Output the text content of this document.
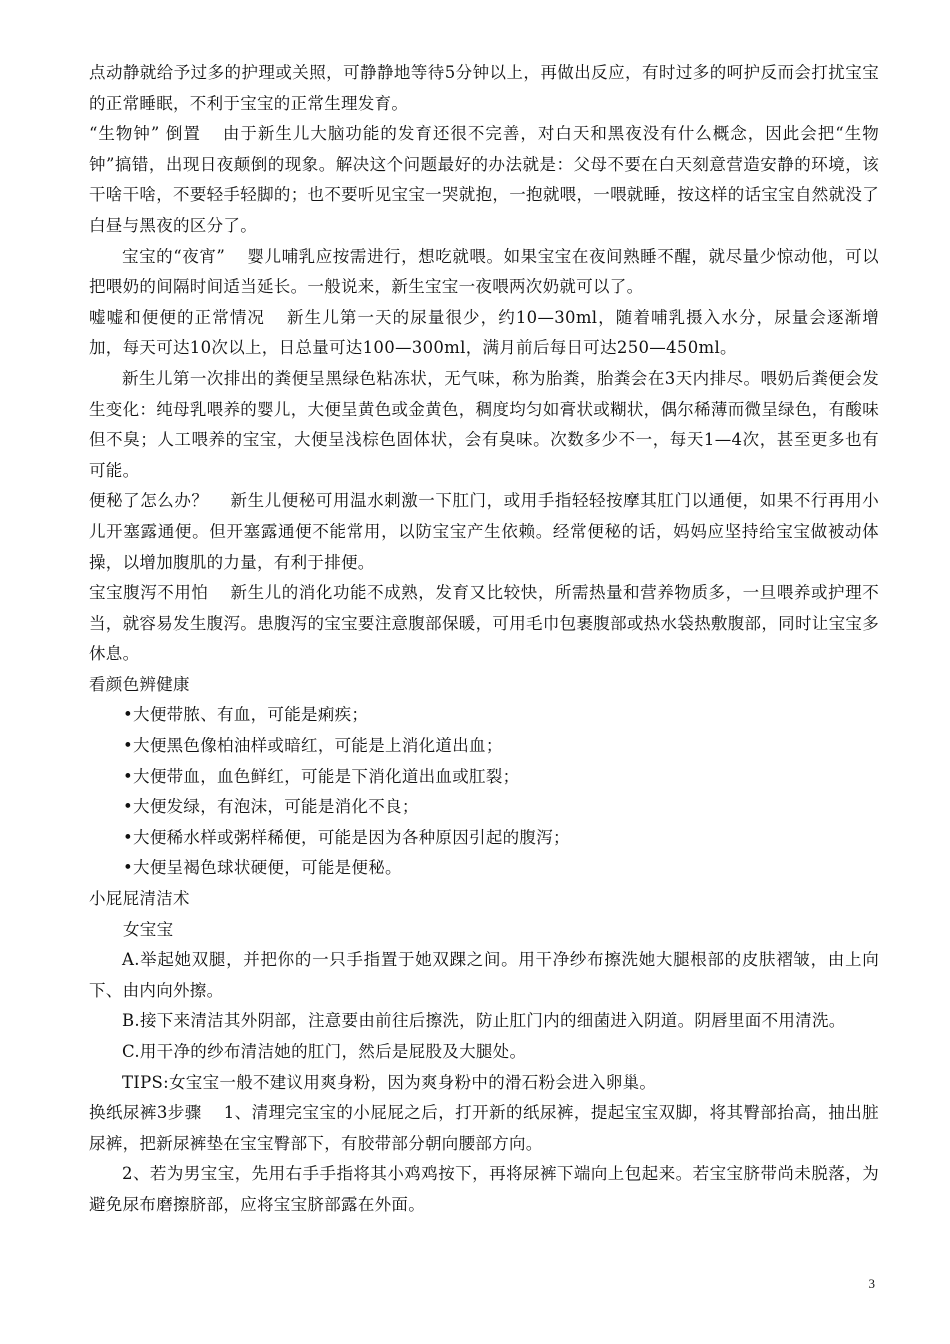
点动静就给予过多的护理或关照，可静静地等待5分钟以上，再做出反应，有时过多的呵护反而会打扰宝宝的正常睡眠，不利于宝宝的正常生理发育。

“生物钟” 倒置 由于新生儿大脑功能的发育还很不完善，对白天和黑夜没有什么概念，因此会把“生物钟”搞错，出现日夜颠倒的现象。解决这个问题最好的办法就是：父母不要在白天刻意营造安静的环境，该干啥干啥，不要轻手轻脚的；也不要听见宝宝一哭就抱，一抱就喂，一喂就睡，按这样的话宝宝自然就没了白昼与黑夜的区分了。

宝宝的“夜宵” 婴儿哺乳应按需进行，想吃就喂。如果宝宝在夜间熟睡不醒，就尽量少惊动他，可以把喂奶的间隔时间适当延长。一般说来，新生宝宝一夜喂两次奶就可以了。

嘘嘘和便便的正常情况 新生儿第一天的尿量很少，约10—30ml，随着哺乳摄入水分，尿量会逐渐增加，每天可达10次以上，日总量可达100—300ml，满月前后每日可达250—450ml。

新生儿第一次排出的粪便呈黑绿色粘冻状，无气味，称为胎粪，胎粪会在3天内排尽。喂奶后粪便会发生变化：纯母乳喂养的婴儿，大便呈黄色或金黄色，稠度均匀如膏状或糊状，偶尔稀薄而微呈绿色，有酸味但不臭；人工喂养的宝宝，大便呈浅棕色固体状，会有臭味。次数多少不一，每天1—4次，甚至更多也有可能。

便秘了怎么办？ 新生儿便秘可用温水刺激一下肛门，或用手指轻轻按摩其肛门以通便，如果不行再用小儿开塞露通便。但开塞露通便不能常用，以防宝宝产生依赖。经常便秘的话，妈妈应坚持给宝宝做被动体操，以增加腹肌的力量，有利于排便。

宝宝腹泻不用怕 新生儿的消化功能不成熟，发育又比较快，所需热量和营养物质多，一旦喂养或护理不当，就容易发生腹泻。患腹泻的宝宝要注意腹部保暖，可用毛巾包裹腹部或热水袋热敷腹部，同时让宝宝多休息。

看颜色辨健康

•大便带脓、有血，可能是痢疾；

•大便黑色像柏油样或暗红，可能是上消化道出血；

•大便带血，血色鲜红，可能是下消化道出血或肛裂；

•大便发绿，有泡沫，可能是消化不良；

•大便稀水样或粥样稀便，可能是因为各种原因引起的腹泻；

•大便呈褐色球状硬便，可能是便秘。

小屁屁清洁术

女宝宝

A.举起她双腿，并把你的一只手指置于她双踝之间。用干净纱布擦洗她大腿根部的皮肤褶皱，由上向下、由内向外擦。

B.接下来清洁其外阴部，注意要由前往后擦洗，防止肛门内的细菌进入阴道。阴唇里面不用清洗。

C.用干净的纱布清洁她的肛门，然后是屁股及大腿处。

TIPS:女宝宝一般不建议用爽身粉，因为爽身粉中的滑石粉会进入卵巢。

换纸尿裤3步骤 1、清理完宝宝的小屁屁之后，打开新的纸尿裤，提起宝宝双脚，将其臀部抬高，抽出脏尿裤，把新尿裤垫在宝宝臀部下，有胶带部分朝向腰部方向。

2、若为男宝宝，先用右手手指将其小鸡鸡按下，再将尿裤下端向上包起来。若宝宝脐带尚未脱落，为避免尿布磨擦脐部，应将宝宝脐部露在外面。

3
